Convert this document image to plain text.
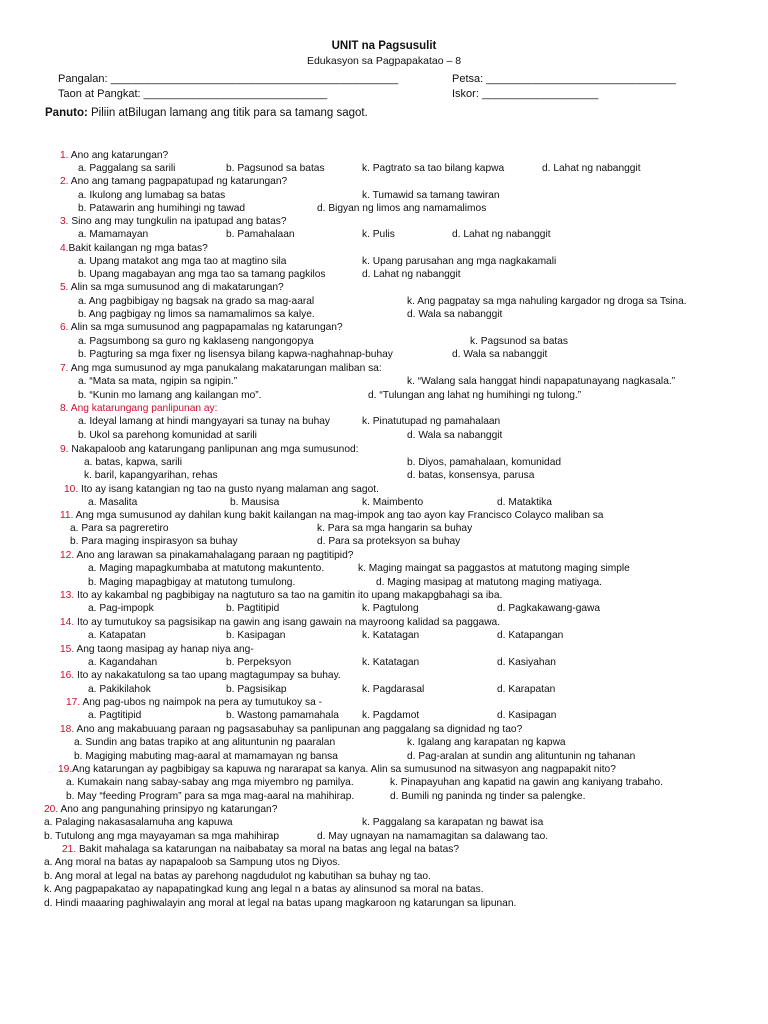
UNIT na Pagsusulit
Edukasyon sa Pagpapakatao – 8
Pangalan: _______________________________________________	Petsa: _______________________________
Taon at Pangkat: ______________________________	Iskor: ___________________
Panuto: Piliin atBilugan lamang ang titik para sa tamang sagot.
1. Ano ang katarungan?
a. Paggalang sa sarili	b. Pagsunod sa batas	k. Pagtrato sa tao bilang kapwa	d. Lahat ng nabanggit
2. Ano ang tamang pagpapatupad ng katarungan?
a. Ikulong ang lumabag sa batas	k. Tumawid sa tamang tawiran
b. Patawarin ang humihingi ng tawad	d. Bigyan ng limos ang namamalimos
3. Sino ang may tungkulin na ipatupad ang batas?
a. Mamamayan	b. Pamahalaan	k. Pulis	d. Lahat ng nabanggit
4.Bakit kailangan ng mga batas?
a. Upang matakot ang mga tao at magtino sila	k. Upang parusahan ang mga nagkakamali
b. Upang magabayan ang mga tao sa tamang pagkilos	d. Lahat ng nabanggit
5. Alin sa mga sumusunod ang di makatarungan?
a. Ang pagbibigay ng bagsak na grado sa mag-aaral	k. Ang pagpatay sa mga nahuling kargador ng droga sa Tsina.
b. Ang pagbigay ng limos sa namamalimos sa kalye.	d. Wala sa nabanggit
6. Alin sa mga sumusunod ang pagpapamalas ng katarungan?
a. Pagsumbong sa guro ng kaklaseng nangongopya	k. Pagsunod sa batas
b. Pagturing sa mga fixer ng lisensya bilang kapwa-naghahnap-buhay	d. Wala sa nabanggit
7. Ang mga sumusunod ay mga panukalang makatarungan maliban sa:
a. “Mata sa mata, ngipin sa ngipin.”	k. “Walang sala hanggat hindi napapatunayang nagkasala.”
b. “Kunin mo lamang ang kailangan mo”.	d. “Tulungan ang lahat ng humihingi ng tulong.”
8. Ang katarungang panlipunan ay:
a. Ideyal lamang at hindi mangyayari sa tunay na buhay	k. Pinatutupad ng pamahalaan
b. Ukol sa parehong komunidad at sarili	d. Wala sa nabanggit
9. Nakapaloob ang katarungang panlipunan ang mga sumusunod:
a. batas, kapwa, sarili	b. Diyos, pamahalaan, komunidad
k. baril, kapangyarihan, rehas	d. batas, konsensya, parusa
10. Ito ay isang katangian ng tao na gusto nyang malaman ang sagot.
a. Masalita	b. Mausisa	k. Maimbento	d. Mataktika
11. Ang mga sumusunod ay dahilan kung bakit kailangan na mag-impok ang tao ayon kay Francisco Colayco maliban sa
a. Para sa pagreretiro	k. Para sa mga hangarin sa buhay
b. Para maging inspirasyon sa buhay	d. Para sa proteksyon sa buhay
12. Ano ang larawan sa pinakamahalagang paraan ng pagtitipid?
a. Maging mapagkumbaba at matutong makuntento.	k. Maging maingat sa paggastos at matutong maging simple
b. Maging mapagbigay at matutong tumulong.	d. Maging masipag at matutong maging matiyaga.
13. Ito ay kakambal ng pagbibigay na nagtuturo sa tao na gamitin ito upang makapgbahagi sa iba.
a. Pag-impopk	b. Pagtitipid	k. Pagtulong	d. Pagkakawang-gawa
14. Ito ay tumutukoy sa pagsisikap na gawin ang isang gawain na mayroong kalidad sa paggawa.
a. Katapatan	b. Kasipagan	k. Katatagan	d. Katapangan
15. Ang taong masipag ay hanap niya ang-
a. Kagandahan	b. Perpeksyon	k. Katatagan	d. Kasiyahan
16. Ito ay nakakatulong sa tao upang magtagumpay sa buhay.
a. Pakikilahok	b. Pagsisikap	k. Pagdarasal	d. Karapatan
17. Ang pag-ubos ng naimpok na pera ay tumutukoy sa -
a. Pagtitipid	b. Wastong pamamahala k. Pagdamot	d. Kasipagan
18. Ano ang makabuuang paraan ng pagsasabuhay sa panlipunan ang paggalang sa dignidad ng tao?
a. Sundin ang batas trapiko at ang alituntunin ng paaralan	k. Igalang ang karapatan ng kapwa
b. Magiging mabuting mag-aaral at mamamayan ng bansa	d. Pag-aralan at sundin ang alituntunin ng tahanan
19.Ang katarungan ay pagbibigay sa kapuwa ng nararapat sa kanya. Alin sa sumusunod na sitwasyon ang nagpapakit nito?
a. Kumakain nang sabay-sabay ang mga miyembro ng pamilya.	k. Pinapayuhan ang kapatid na gawin ang kaniyang trabaho.
b. May “feeding Program” para sa mga mag-aaral na mahihirap.	d. Bumili ng paninda ng tinder sa palengke.
20. Ano ang pangunahing prinsipyo ng katarungan?
a. Palaging nakasasalamuha ang kapuwa	k. Paggalang sa karapatan ng bawat isa
b. Tutulong ang mga mayayaman sa mga mahihirap	d. May ugnayan na namamagitan sa dalawang tao.
21. Bakit mahalaga sa katarungan na naibabatay sa moral na batas ang legal na batas?
a. Ang moral na batas ay napapaloob sa Sampung utos ng Diyos.
b. Ang moral at legal na batas ay parehong nagdudulot ng kabutihan sa buhay ng tao.
k. Ang pagpapakatao ay napapatingkad kung ang legal n a batas ay alinsunod sa moral na batas.
d. Hindi maaaring paghiwalayin ang moral at legal na batas upang magkaroon ng katarungan sa lipunan.
